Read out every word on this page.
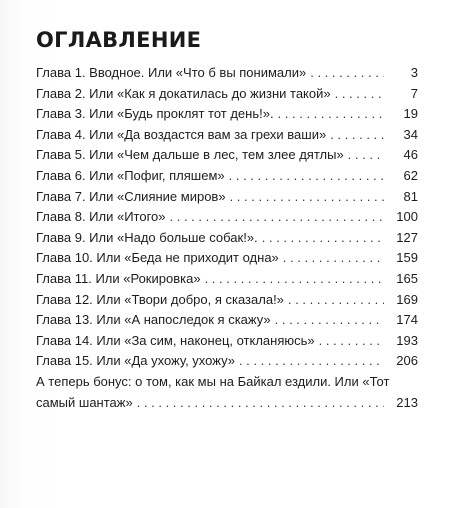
ОГЛАВЛЕНИЕ
Глава 1. Вводное. Или «Что б вы понимали» . . .	3
Глава 2. Или «Как я докатилась до жизни такой» . . .	7
Глава 3. Или «Будь проклят тот день!». . . .	19
Глава 4. Или «Да воздастся вам за грехи ваши» . . .	34
Глава 5. Или «Чем дальше в лес, тем злее дятлы» . . .	46
Глава 6. Или «Пофиг, пляшем» . . .	62
Глава 7. Или «Слияние миров» . . .	81
Глава 8. Или «Итого» . . .	100
Глава 9. Или «Надо больше собак!». . . .	127
Глава 10. Или «Беда не приходит одна» . . .	159
Глава 11. Или «Рокировка» . . .	165
Глава 12. Или «Твори добро, я сказала!» . . .	169
Глава 13. Или «А напоследок я скажу» . . .	174
Глава 14. Или «За сим, наконец, откланяюсь» . . .	193
Глава 15. Или «Да ухожу, ухожу» . . .	206
А теперь бонус: о том, как мы на Байкал ездили. Или «Тот
самый шантаж» . . .	213
